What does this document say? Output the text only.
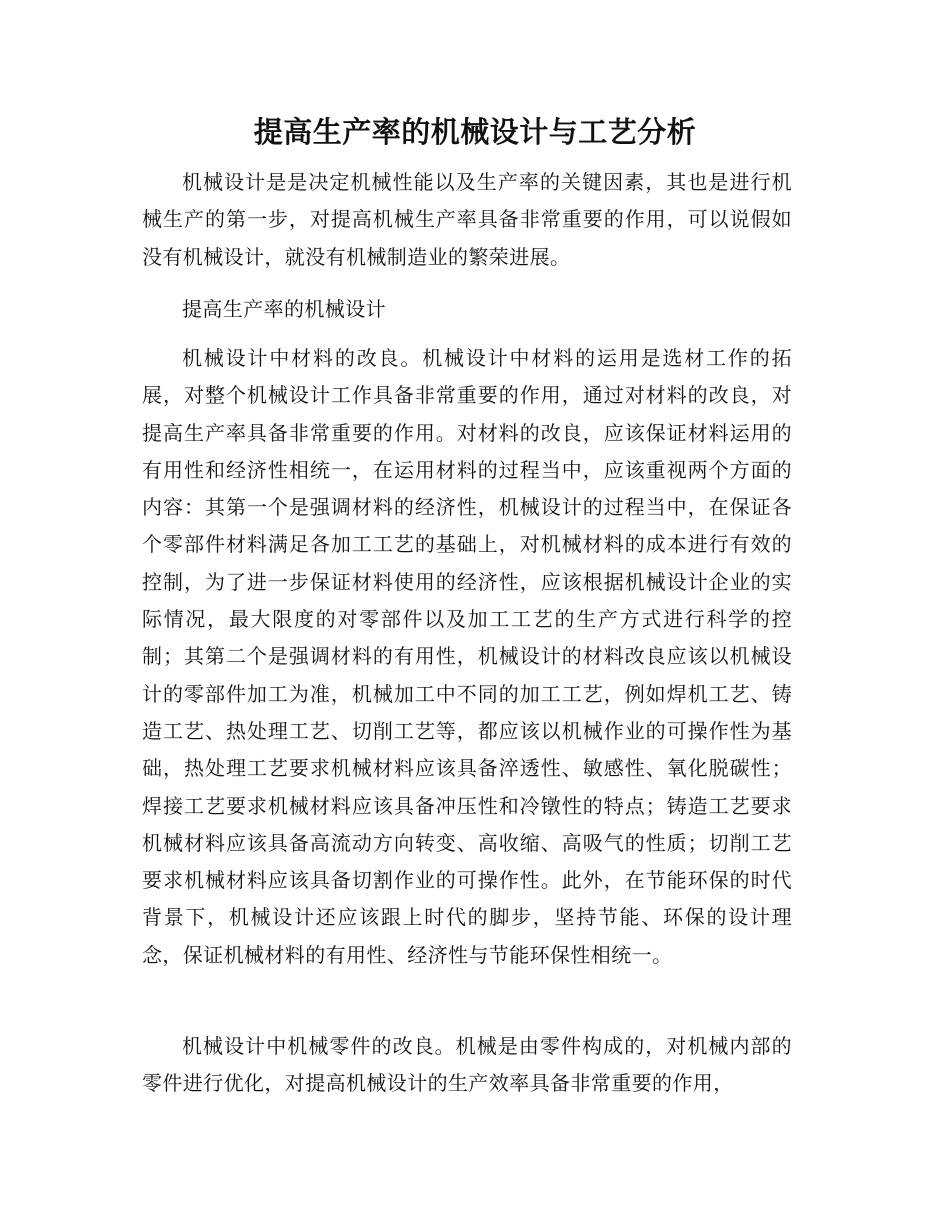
提高生产率的机械设计与工艺分析

机械设计是是决定机械性能以及生产率的关键因素，其也是进行机械生产的第一步，对提高机械生产率具备非常重要的作用，可以说假如没有机械设计，就没有机械制造业的繁荣进展。

提高生产率的机械设计

机械设计中材料的改良。机械设计中材料的运用是选材工作的拓展，对整个机械设计工作具备非常重要的作用，通过对材料的改良，对提高生产率具备非常重要的作用。对材料的改良，应该保证材料运用的有用性和经济性相统一，在运用材料的过程当中，应该重视两个方面的内容：其第一个是强调材料的经济性，机械设计的过程当中，在保证各个零部件材料满足各加工工艺的基础上，对机械材料的成本进行有效的控制，为了进一步保证材料使用的经济性，应该根据机械设计企业的实际情况，最大限度的对零部件以及加工工艺的生产方式进行科学的控制；其第二个是强调材料的有用性，机械设计的材料改良应该以机械设计的零部件加工为准，机械加工中不同的加工工艺，例如焊机工艺、铸造工艺、热处理工艺、切削工艺等，都应该以机械作业的可操作性为基础，热处理工艺要求机械材料应该具备淬透性、敏感性、氧化脱碳性；焊接工艺要求机械材料应该具备冲压性和冷镦性的特点；铸造工艺要求机械材料应该具备高流动方向转变、高收缩、高吸气的性质；切削工艺要求机械材料应该具备切割作业的可操作性。此外，在节能环保的时代背景下，机械设计还应该跟上时代的脚步，坚持节能、环保的设计理念，保证机械材料的有用性、经济性与节能环保性相统一。

机械设计中机械零件的改良。机械是由零件构成的，对机械内部的零件进行优化，对提高机械设计的生产效率具备非常重要的作用，
